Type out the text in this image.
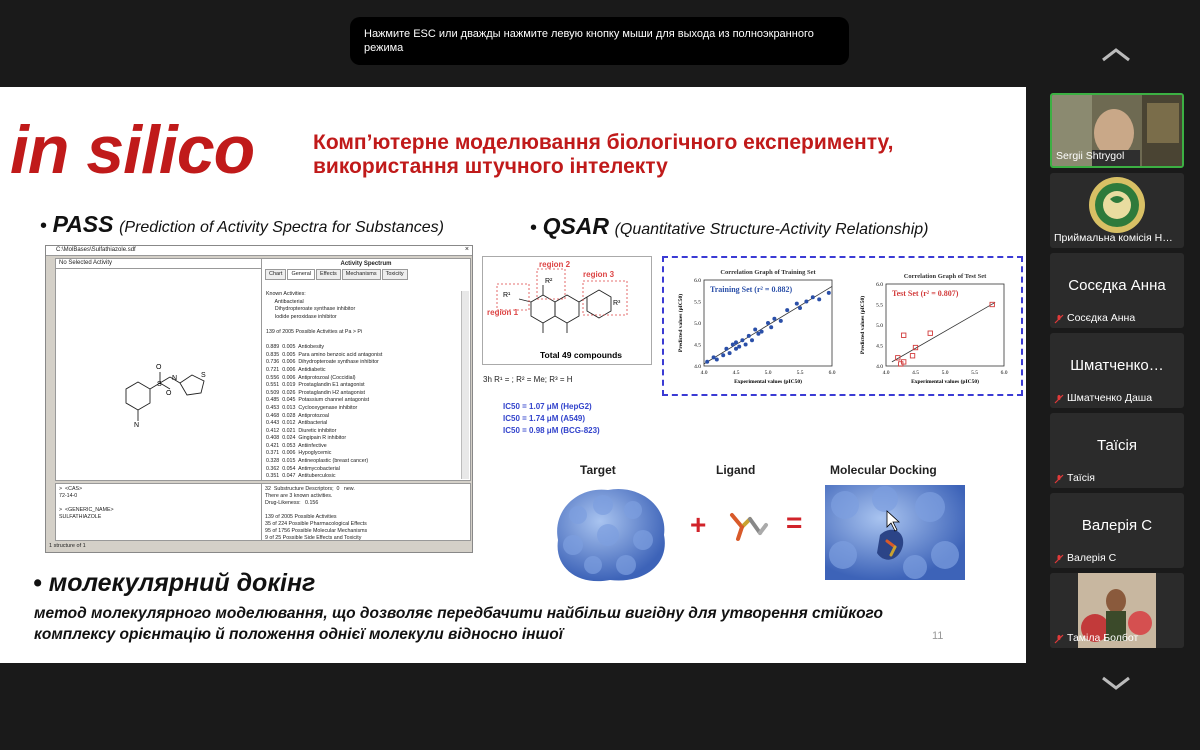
Нажмите ESC или дважды нажмите левую кнопку мыши для выхода из полноэкранного режима
in silico	Комп’ютерне моделювання біологічного експерименту,
використання штучного інтелекту
• PASS (Prediction of Activity Spectra for Substances)	• QSAR (Quantitative Structure-Activity Relationship)
C:\MolBases\Sulfathiazole.sdf	×
No Selected Activity
O
O
S
N	S
N
Activity Spectrum
Chart	General	Effects	Mechanisms	Toxicity
Known Activities:
Antibacterial
Dihydropteroate synthase inhibitor
Iodide peroxidase inhibitor

139 of 2005 Possible Activities at Pa > Pi

0.889  0.005  Antiobesity
0.835  0.005  Para amino benzoic acid antagonist
0.736  0.006  Dihydropteroate synthase inhibitor
0.721  0.006  Antidiabetic
0.556  0.006  Antiprotozoal (Coccidial)
0.551  0.019  Prostaglandin E1 antagonist
0.509  0.026  Prostaglandin H2 antagonist
0.485  0.045  Potassium channel antagonist
0.453  0.013  Cyclooxygenase inhibitor
0.468  0.028  Antiprotozoal
0.443  0.012  Antibacterial
0.412  0.021  Diuretic inhibitor
0.408  0.024  Gingipain R inhibitor
0.421  0.053  Antiinfective
0.371  0.006  Hypoglycemic
0.328  0.015  Antineoplastic (breast cancer)
0.362  0.054  Antimycobacterial
0.351  0.047  Antituberculosic

>  <CAS>
72-14-0

>  <GENERIC_NAME>
SULFATHIAZOLE
32  Substructure Descriptors;  0   new.
There are 3 known activities.
Drug-Likeness:   0.156

139 of 2005 Possible Activities
35 of 224 Possible Pharmacological Effects
95 of 1756 Possible Molecular Mechanisms
9 of 25 Possible Side Effects and Toxicity
1 structure of 1
R¹
R²
R³
region 1
region 2
region 3
Total 49 compounds
3h R¹ = ; R² = Me; R³ = H
IC50 = 1.07 μM (HepG2)
IC50 = 1.74 μM (A549)
IC50 = 0.98 μM (BCG-823)
Correlation Graph of Training Set
Training Set (r² = 0.882)
4.0	4.5	5.0	5.5	6.0
4.0
4.5
5.0
5.5
6.0
Experimental values (pIC50)
Predicted values (pIC50)
Correlation Graph of Test Set
Test Set (r² = 0.807)
4.0	4.5	5.0	5.5	6.0
4.0
4.5
5.0
5.5
6.0
Experimental values (pIC50)
Predicted values (pIC50)
Target	Ligand	Molecular Docking
+	=
• молекулярний докінг
метод молекулярного моделювання, що дозволяє передбачити найбільш вигідну для утворення стійкого комплексу орієнтацію й положення однієї молекули відносно іншої	11
Sergii Shtrygol
Приймальна комісія Н…
Сосєдка Анна
Сосєдка Анна
Шматченко…
Шматченко Даша
Таїсія
Таїсія
Валерія С
Валерія С
Таміла Болбот
